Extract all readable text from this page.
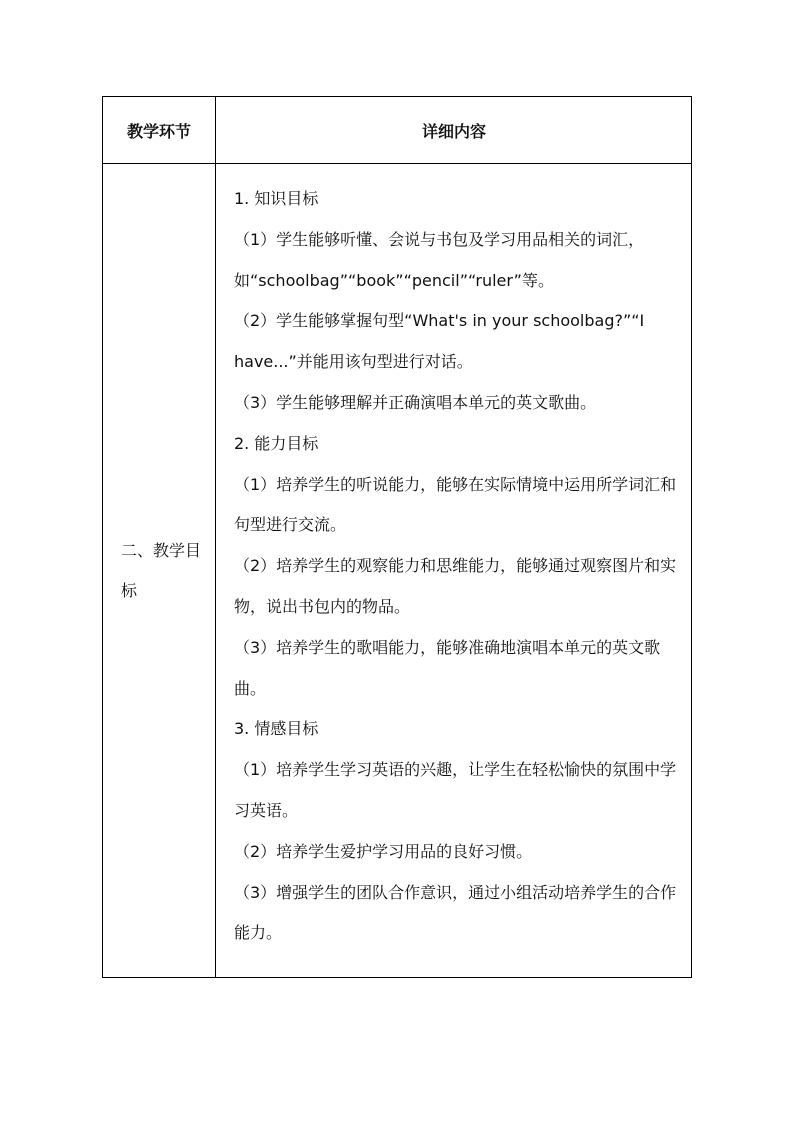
教学环节	详细内容
二、教学目标

1. 知识目标

（1）学生能够听懂、会说与书包及学习用品相关的词汇，如“schoolbag”“book”“pencil”“ruler”等。

（2）学生能够掌握句型“What's in your schoolbag?”“I have...”并能用该句型进行对话。

（3）学生能够理解并正确演唱本单元的英文歌曲。

2. 能力目标

（1）培养学生的听说能力，能够在实际情境中运用所学词汇和句型进行交流。

（2）培养学生的观察能力和思维能力，能够通过观察图片和实物，说出书包内的物品。

（3）培养学生的歌唱能力，能够准确地演唱本单元的英文歌曲。

3. 情感目标

（1）培养学生学习英语的兴趣，让学生在轻松愉快的氛围中学习英语。

（2）培养学生爱护学习用品的良好习惯。

（3）增强学生的团队合作意识，通过小组活动培养学生的合作能力。
